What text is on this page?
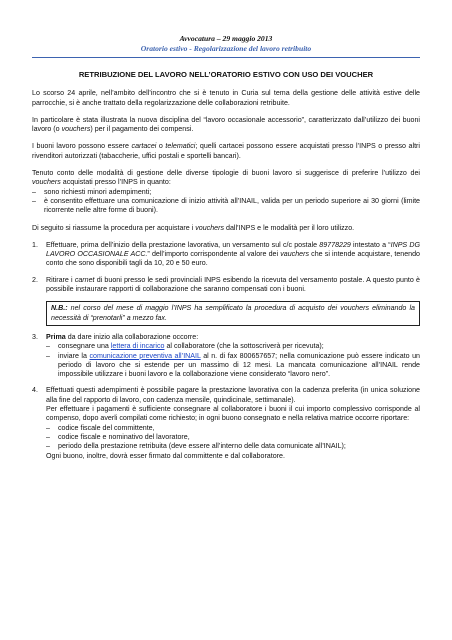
Avvocatura – 29 maggio 2013
Oratorio estivo - Regolarizzazione del lavoro retribuito
RETRIBUZIONE DEL LAVORO NELL’ORATORIO ESTIVO CON USO DEI VOUCHER

Lo scorso 24 aprile, nell’ambito dell’incontro che si è tenuto in Curia sul tema della gestione delle attività estive delle parrocchie, si è anche trattato della regolarizzazione delle collaborazioni retribuite.

In particolare è stata illustrata la nuova disciplina del “lavoro occasionale accessorio”, caratterizzato dall’utilizzo dei buoni lavoro (o vouchers) per il pagamento dei compensi.

I buoni lavoro possono essere cartacei o telematici; quelli cartacei possono essere acquistati presso l’INPS o presso altri rivenditori autorizzati (tabaccherie, uffici postali e sportelli bancari).

Tenuto conto delle modalità di gestione delle diverse tipologie di buoni lavoro si suggerisce di preferire l’utilizzo dei vouchers acquistati presso l’INPS in quanto:

– sono richiesti minori adempimenti;
– è consentito effettuare una comunicazione di inizio attività all’INAIL, valida per un periodo superiore ai 30 giorni (limite ricorrente nelle altre forme di buoni).

Di seguito si riassume la procedura per acquistare i vouchers dall’INPS e le modalità per il loro utilizzo.

1. Effettuare, prima dell’inizio della prestazione lavorativa, un versamento sul c/c postale 89778229 intestato a “INPS DG LAVORO OCCASIONALE ACC.” dell’importo corrispondente al valore dei vauchers che si intende acquistare, tenendo conto che sono disponibili tagli da 10, 20 e 50 euro.
2. Ritirare i carnet di buoni presso le sedi provinciali INPS esibendo la ricevuta del versamento postale. A questo punto è possibile instaurare rapporti di collaborazione che saranno compensati con i buoni.
N.B.: nel corso del mese di maggio l’INPS ha semplificato la procedura di acquisto dei vouchers eliminando la necessità di “prenotarli” a mezzo fax.
3. Prima da dare inizio alla collaborazione occorre:
– consegnare una lettera di incarico al collaboratore (che la sottoscriverà per ricevuta);
– inviare la comunicazione preventiva all’INAIL al n. di fax 800657657; nella comunicazione può essere indicato un periodo di lavoro che si estende per un massimo di 12 mesi. La mancata comunicazione all’INAIL rende impossibile utilizzare i buoni lavoro e la collaborazione viene considerato “lavoro nero”.
4. Effettuati questi adempimenti è possibile pagare la prestazione lavorativa con la cadenza preferita (in unica soluzione alla fine del rapporto di lavoro, con cadenza mensile, quindicinale, settimanale).
Per effettuare i pagamenti è sufficiente consegnare al collaboratore i buoni il cui importo complessivo corrisponde al compenso, dopo averli compilati come richiesto; in ogni buono consegnato e nella relativa matrice occorre riportare:
– codice fiscale del committente,
– codice fiscale e nominativo del lavoratore,
– periodo della prestazione retribuita (deve essere all’interno delle data comunicate all’INAIL);
Ogni buono, inoltre, dovrà esser firmato dal committente e dal collaboratore.
